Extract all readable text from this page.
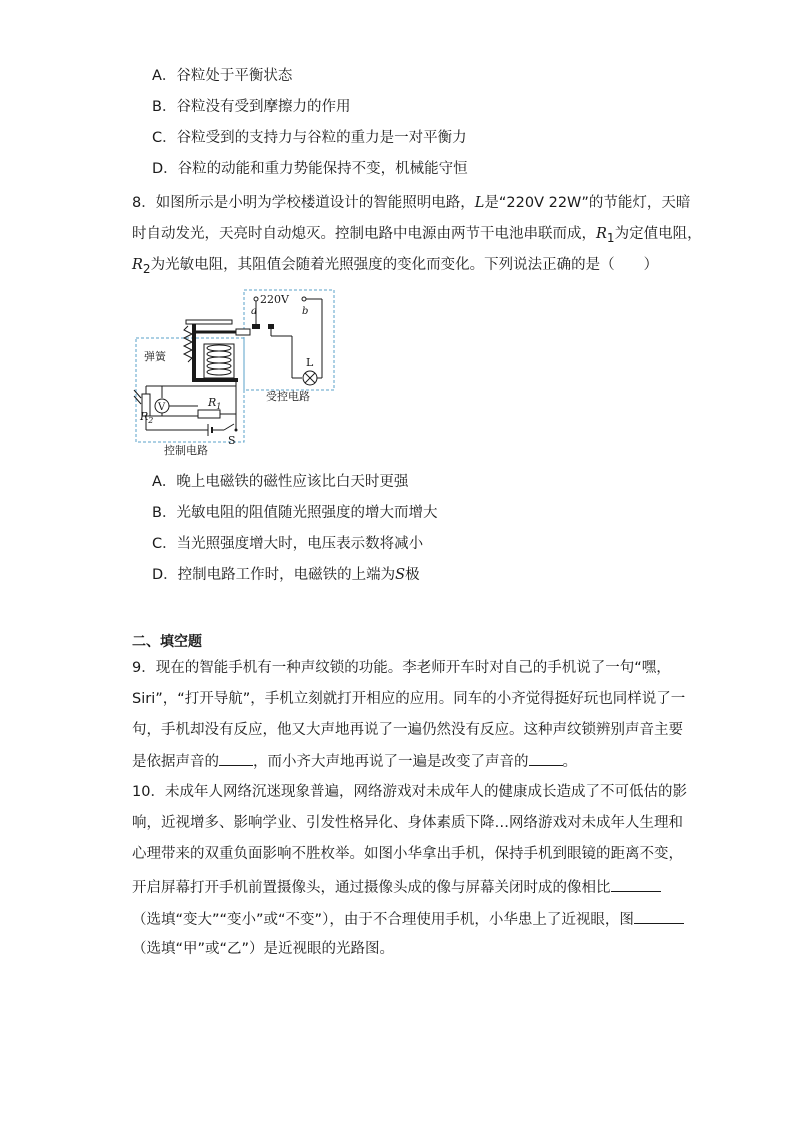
A．谷粒处于平衡状态
B．谷粒没有受到摩擦力的作用
C．谷粒受到的支持力与谷粒的重力是一对平衡力
D．谷粒的动能和重力势能保持不变，机械能守恒
8．如图所示是小明为学校楼道设计的智能照明电路，L是“220V 22W”的节能灯，天暗
时自动发光，天亮时自动熄灭。控制电路中电源由两节干电池串联而成，$R_1$为定值电阻，
$R_2$为光敏电阻，其阻值会随着光照强度的变化而变化。下列说法正确的是（　　）
220V
a	b
L
受控电路
弹簧
$R_2$
V	$R_1$
S
控制电路
A．晚上电磁铁的磁性应该比白天时更强
B．光敏电阻的阻值随光照强度的增大而增大
C．当光照强度增大时，电压表示数将减小
D．控制电路工作时，电磁铁的上端为S极
二、填空题
9．现在的智能手机有一种声纹锁的功能。李老师开车时对自己的手机说了一句“嘿，
Siri”，“打开导航”，手机立刻就打开相应的应用。同车的小齐觉得挺好玩也同样说了一
句，手机却没有反应，他又大声地再说了一遍仍然没有反应。这种声纹锁辨别声音主要
是依据声音的 ，而小齐大声地再说了一遍是改变了声音的 。
10．未成年人网络沉迷现象普遍，网络游戏对未成年人的健康成长造成了不可低估的影
响，近视增多、影响学业、引发性格异化、身体素质下降…网络游戏对未成年人生理和
心理带来的双重负面影响不胜枚举。如图小华拿出手机，保持手机到眼镜的距离不变，
开启屏幕打开手机前置摄像头，通过摄像头成的像与屏幕关闭时成的像相比
（选填“变大”“变小”或“不变”），由于不合理使用手机，小华患上了近视眼，图
（选填“甲”或“乙”）是近视眼的光路图。
